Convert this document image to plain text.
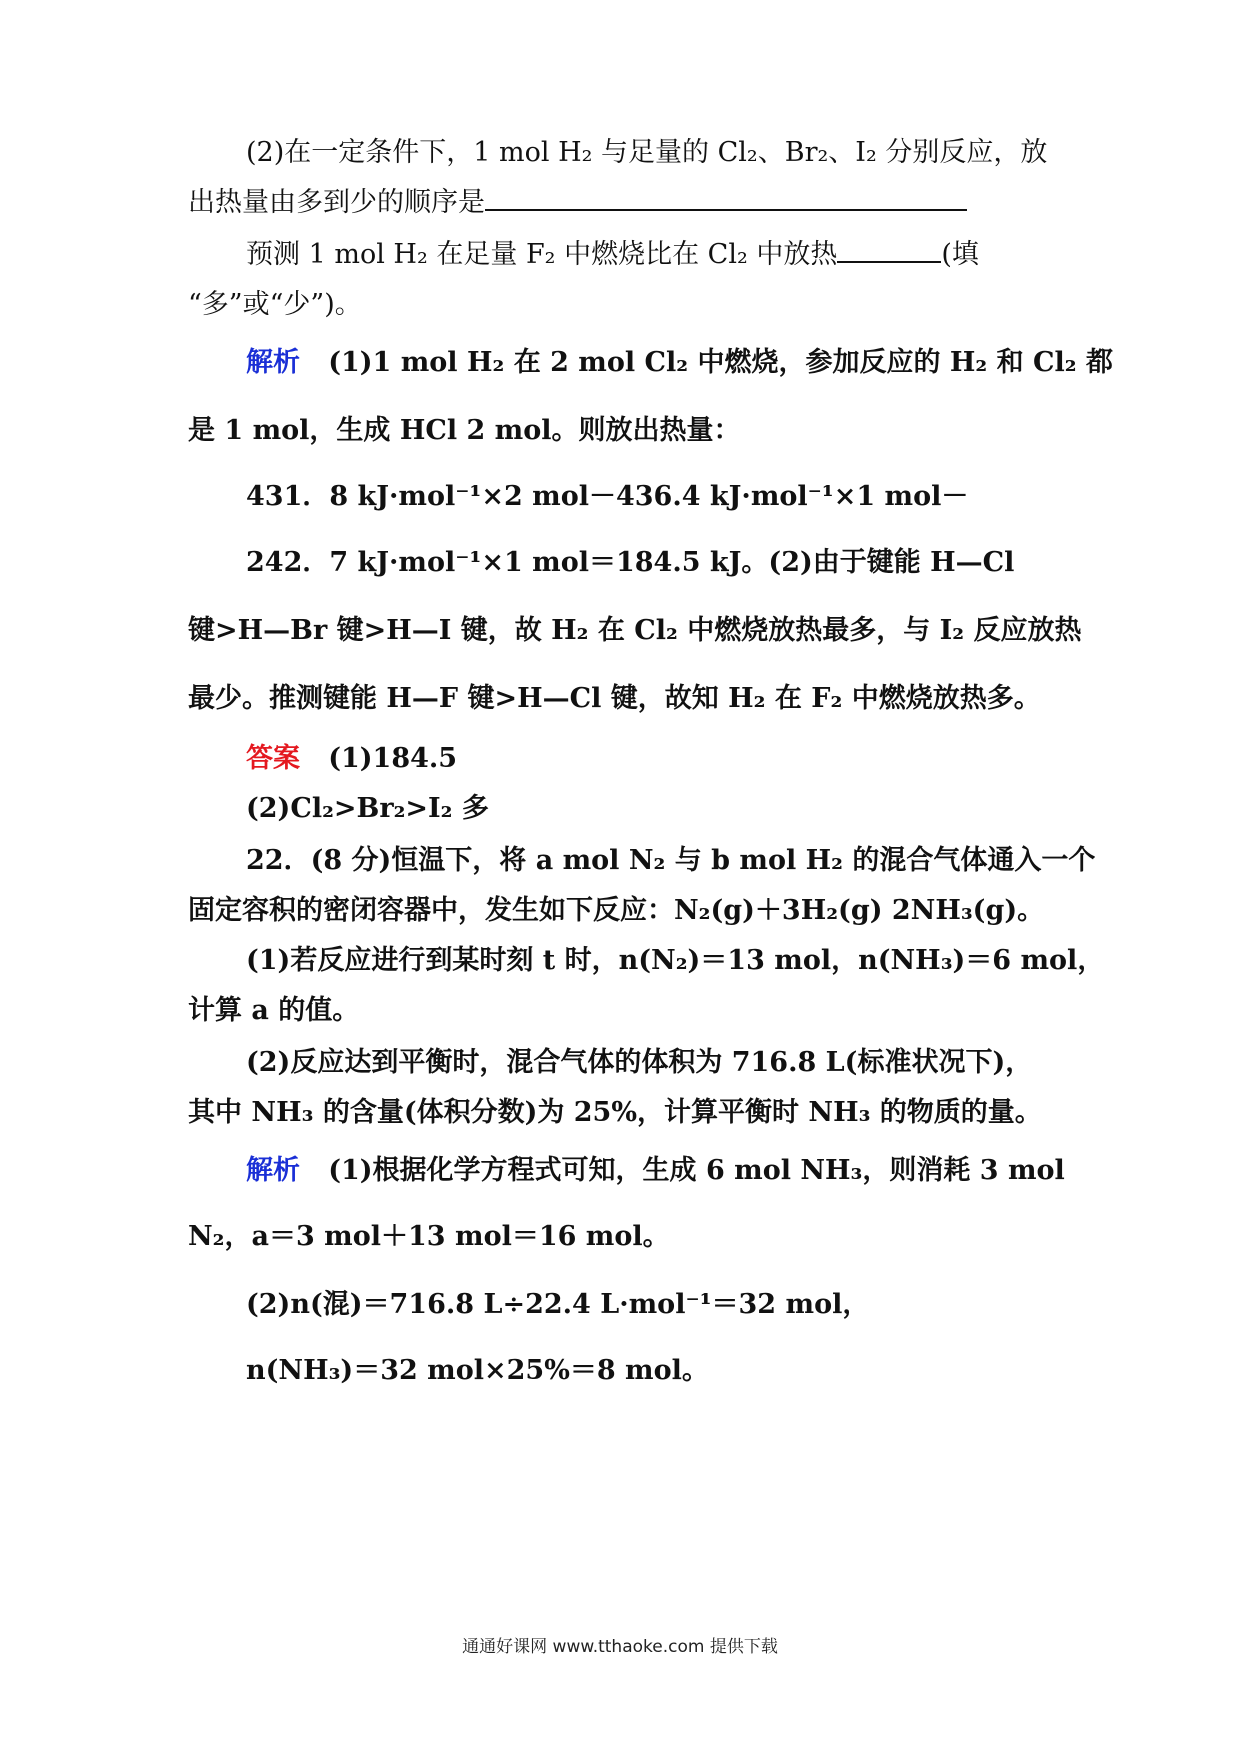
(2)在一定条件下，1 mol H₂ 与足量的 Cl₂、Br₂、I₂ 分别反应，放
出热量由多到少的顺序是
预测 1 mol H₂ 在足量 F₂ 中燃烧比在 Cl₂ 中放热	(填
“多”或“少”)。
解析 (1)1 mol H₂ 在 2 mol Cl₂ 中燃烧，参加反应的 H₂ 和 Cl₂ 都
是 1 mol，生成 HCl 2 mol。则放出热量：
431．8 kJ·mol⁻¹×2 mol－436.4 kJ·mol⁻¹×1 mol－
242．7 kJ·mol⁻¹×1 mol＝184.5 kJ。(2)由于键能 H—Cl
键>H—Br 键>H—I 键，故 H₂ 在 Cl₂ 中燃烧放热最多，与 I₂ 反应放热
最少。推测键能 H—F 键>H—Cl 键，故知 H₂ 在 F₂ 中燃烧放热多。
答案 (1)184.5
(2)Cl₂>Br₂>I₂ 多
22．(8 分)恒温下，将 a mol N₂ 与 b mol H₂ 的混合气体通入一个
固定容积的密闭容器中，发生如下反应：N₂(g)＋3H₂(g) 2NH₃(g)。
(1)若反应进行到某时刻 t 时，n(N₂)＝13 mol，n(NH₃)＝6 mol，
计算 a 的值。
(2)反应达到平衡时，混合气体的体积为 716.8 L(标准状况下)，
其中 NH₃ 的含量(体积分数)为 25%，计算平衡时 NH₃ 的物质的量。
解析 (1)根据化学方程式可知，生成 6 mol NH₃，则消耗 3 mol
N₂，a＝3 mol＋13 mol＝16 mol。
(2)n(混)＝716.8 L÷22.4 L·mol⁻¹＝32 mol，
n(NH₃)＝32 mol×25%＝8 mol。
通通好课网 www.tthaoke.com 提供下载
